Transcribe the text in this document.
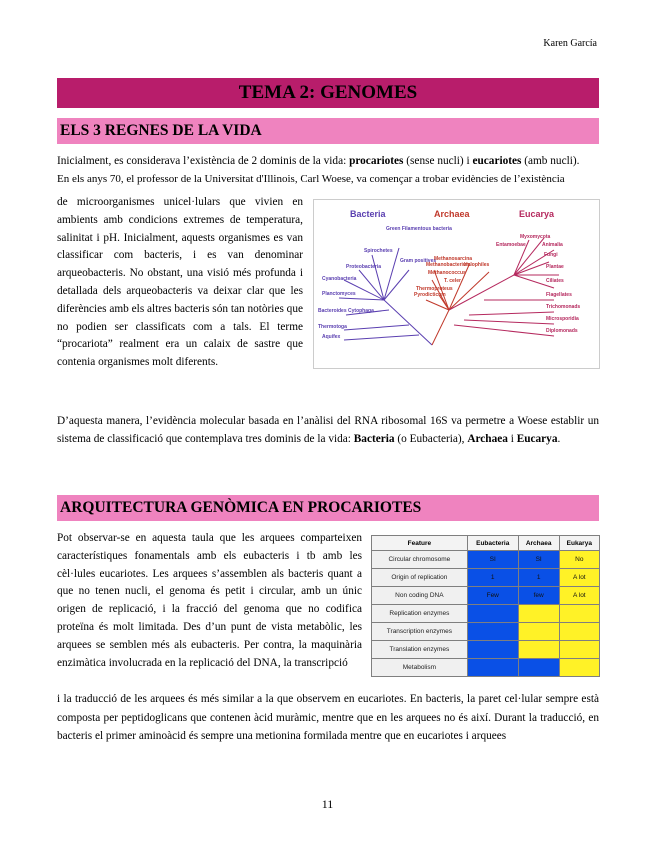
Karen García
TEMA 2: GENOMES
ELS 3 REGNES DE LA VIDA

Inicialment, es considerava l’existència de 2 dominis de la vida: procariotes (sense nucli) i eucariotes (amb nucli).

En els anys 70, el professor de la Universitat d'Illinois, Carl Woese, va començar a trobar evidències de l’existència

de microorganismes unicel·lulars que vivien en ambients amb condicions extremes de temperatura, salinitat i pH. Inicialment, aquests organismes es van classificar com bacteris, i es van denominar arqueobacteris. No obstant, una visió més profunda i detallada dels arqueobacteris va deixar clar que les diferències amb els altres bacteris són tan notòries que no podien ser classificats com a tals. El terme “procariota” realment era un calaix de sastre que contenia organismes molt diferents.

Bacteria	Archaea	Eucarya
Green Filamentous bacteria
Spirochetes
Gram positives
Proteobacteria
Cyanobacteria
Planctomyces
Bacteroides Cytophaga
Thermotoga
Aquifex
Methanosarcina
Methanobacterium
Halophiles
Methanococcus
T. celer
Thermoproteus
Pyrodicticum
Entamoebae
Myxomycota
Animalia
Fungi
Plantae
Ciliates
Flagellates
Trichomonads
Microsporidia
Diplomonads

D’aquesta manera, l’evidència molecular basada en l’anàlisi del RNA ribosomal 16S va permetre a Woese establir un sistema de classificació que contemplava tres dominis de la vida: Bacteria (o Eubacteria), Archaea i Eucarya.

ARQUITECTURA GENÒMICA EN PROCARIOTES

Pot observar-se en aquesta taula que les arquees comparteixen característiques fonamentals amb els eubacteris i tb amb les cèl·lules eucariotes. Les arquees s’assemblen als bacteris quant a que no tenen nucli, el genoma és petit i circular, amb un únic origen de replicació, i la fracció del genoma que no codifica proteïna és molt limitada. Des d’un punt de vista metabòlic, les arquees se semblen més als eubacteris. Per contra, la maquinària enzimàtica involucrada en la replicació del DNA, la transcripció

Feature	Eubacteria	Archaea	Eukarya
Circular chromosome	SI	SI	No
Origin of replication	1	1	A lot
Non coding DNA	Few	few	A lot
Replication enzymes			
Transcription enzymes			
Translation enzymes			
Metabolism			

i la traducció de les arquees és més similar a la que observem en eucariotes. En bacteris, la paret cel·lular sempre està composta per peptidoglicans que contenen àcid muràmic, mentre que en les arquees no és així. Durant la traducció, en bacteris el primer aminoàcid és sempre una metionina formilada mentre que en eucariotes i arquees

11
